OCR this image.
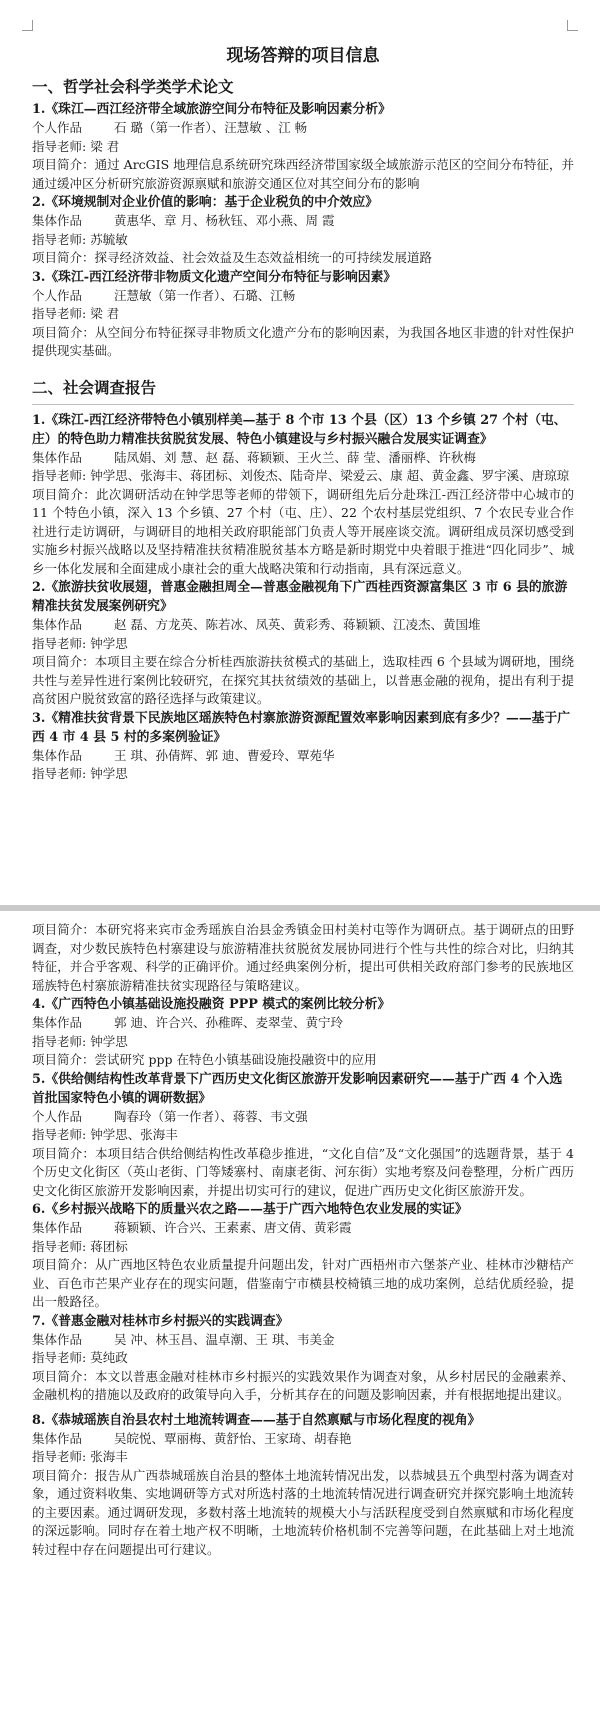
现场答辩的项目信息
一、哲学社会科学类学术论文
1.《珠江—西江经济带全域旅游空间分布特征及影响因素分析》
个人作品	石 璐（第一作者）、汪慧敏 、江 畅
指导老师: 梁 君
项目简介：通过 ArcGIS 地理信息系统研究珠西经济带国家级全域旅游示范区的空间分布特征，并通过缓冲区分析研究旅游资源禀赋和旅游交通区位对其空间分布的影响
2.《环境规制对企业价值的影响：基于企业税负的中介效应》
集体作品	黄惠华、章 月、杨秋钰、邓小燕、周 霞
指导老师: 苏毓敏
项目简介：探寻经济效益、社会效益及生态效益相统一的可持续发展道路
3.《珠江-西江经济带非物质文化遗产空间分布特征与影响因素》
个人作品	汪慧敏（第一作者）、石璐、江畅
指导老师: 梁 君
项目简介：从空间分布特征探寻非物质文化遗产分布的影响因素，为我国各地区非遗的针对性保护提供现实基础。
二、社会调查报告
1.《珠江-西江经济带特色小镇别样美—基于 8 个市 13 个县（区）13 个乡镇 27 个村（屯、庄）的特色助力精准扶贫脱贫发展、特色小镇建设与乡村振兴融合发展实证调查》
集体作品	陆凤娟、刘 慧、赵 磊、蒋颖颖、王火兰、薛 莹、潘丽桦、许秋梅
指导老师: 钟学思、张海丰、蒋团标、刘俊杰、陆奇岸、梁爱云、康 超、黄金鑫、罗宇溪、唐琼琼
项目简介：此次调研活动在钟学思等老师的带领下，调研组先后分赴珠江-西江经济带中心城市的 11 个特色小镇，深入 13 个乡镇、27 个村（屯、庄）、22 个农村基层党组织、7 个农民专业合作社进行走访调研，与调研目的地相关政府职能部门负责人等开展座谈交流。调研组成员深切感受到实施乡村振兴战略以及坚持精准扶贫精准脱贫基本方略是新时期党中央着眼于推进“四化同步”、城乡一体化发展和全面建成小康社会的重大战略决策和行动指南，具有深远意义。
2.《旅游扶贫收展翅，普惠金融担周全—普惠金融视角下广西桂西资源富集区 3 市 6 县的旅游精准扶贫发展案例研究》
集体作品	赵 磊、方龙英、陈若冰、凤英、黄彩秀、蒋颖颖、江凌杰、黄国堆
指导老师: 钟学思
项目简介：本项目主要在综合分析桂西旅游扶贫模式的基础上，选取桂西 6 个县域为调研地，围绕共性与差异性进行案例比较研究，在探究其扶贫绩效的基础上，以普惠金融的视角，提出有利于提高贫困户脱贫致富的路径选择与政策建议。
3.《精准扶贫背景下民族地区瑶族特色村寨旅游资源配置效率影响因素到底有多少？——基于广西 4 市 4 县 5 村的多案例验证》
集体作品	王 琪、孙倩辉、郭 迪、曹爱玲、覃苑华
指导老师: 钟学思
项目简介：本研究将来宾市金秀瑶族自治县金秀镇金田村美村屯等作为调研点。基于调研点的田野调查，对少数民族特色村寨建设与旅游精准扶贫脱贫发展协同进行个性与共性的综合对比，归纳其特征，并合乎客观、科学的正确评价。通过经典案例分析，提出可供相关政府部门参考的民族地区瑶族特色村寨旅游精准扶贫实现路径与策略建议。
4.《广西特色小镇基础设施投融资 PPP 模式的案例比较分析》
集体作品	郭 迪、许合兴、孙稚晖、麦翠莹、黄宁玲
指导老师: 钟学思
项目简介：尝试研究 ppp 在特色小镇基础设施投融资中的应用
5.《供给侧结构性改革背景下广西历史文化街区旅游开发影响因素研究——基于广西 4 个入选首批国家特色小镇的调研数据》
个人作品	陶春玲（第一作者）、蒋蓉、韦文强
指导老师: 钟学思、张海丰
项目简介：本项目结合供给侧结构性改革稳步推进，“文化自信”及“文化强国”的选题背景，基于 4 个历史文化街区（英山老街、门等矮寨村、南康老街、河东街）实地考察及问卷整理，分析广西历史文化街区旅游开发影响因素，并提出切实可行的建议，促进广西历史文化街区旅游开发。
6.《乡村振兴战略下的质量兴农之路——基于广西六地特色农业发展的实证》
集体作品	蒋颖颖、许合兴、王素素、唐文倩、黄彩霞
指导老师: 蒋团标
项目简介：从广西地区特色农业质量提升问题出发，针对广西梧州市六堡茶产业、桂林市沙糖桔产业、百色市芒果产业存在的现实问题，借鉴南宁市横县校椅镇三地的成功案例，总结优质经验，提出一般路径。
7.《普惠金融对桂林市乡村振兴的实践调查》
集体作品	吴 冲、林玉昌、温卓潮、王 琪、韦美金
指导老师: 莫纯政
项目简介：本文以普惠金融对桂林市乡村振兴的实践效果作为调查对象，从乡村居民的金融素养、金融机构的措施以及政府的政策导向入手，分析其存在的问题及影响因素，并有根据地提出建议。
8.《恭城瑶族自治县农村土地流转调查——基于自然禀赋与市场化程度的视角》
集体作品	吴皖悦、覃丽梅、黄舒怡、王家琦、胡春艳
指导老师: 张海丰
项目简介：报告从广西恭城瑶族自治县的整体土地流转情况出发，以恭城县五个典型村落为调查对象，通过资料收集、实地调研等方式对所选村落的土地流转情况进行调查研究并探究影响土地流转的主要因素。通过调研发现，多数村落土地流转的规模大小与活跃程度受到自然禀赋和市场化程度的深远影响。同时存在着土地产权不明晰，土地流转价格机制不完善等问题，在此基础上对土地流转过程中存在问题提出可行建议。
